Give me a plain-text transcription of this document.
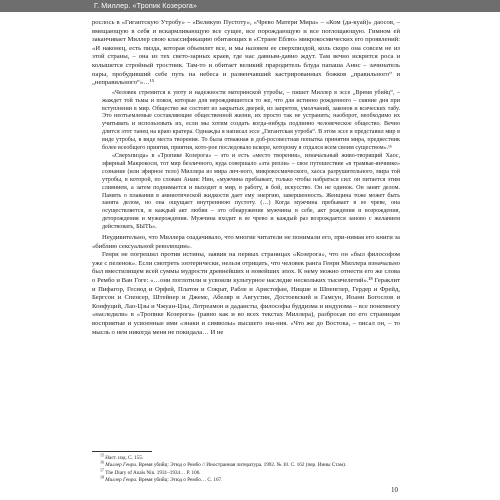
Г. Миллер. «Тропик Козерога»

рослось в «Гигантскую Утробу» – «Великую Пустоту», «Чрево Матери Мира» – «Ком (да-куай)» даосов, – вмещающую в себя и вскармливающую все сущее, все порождающую и все поглощающую. Гимном ей заканчивает Миллер свою классификацию обитающих в «Стране Еблю» микрокосмических его проявлений: «И наконец, есть пизда, которая объемлет все, и мы назовем ее сверхпиздой, коль скоро она совсем не из этой страны, – она из тех свето-зарных краев, где нас давным-давно ждут. Там вечно искрится роса и колышется стройный тростник. Там-то и обитает великий прародитель блуда папаша Аннс – зачинатель пары, пробудивший себе путь на небеса и развенчавший кастрированных божков „правильного“ и „неправильного“»…¹⁵

«Человек стремится к уюту и надежности материнской утробы, – пишет Миллер в эссе „Время убийц“, – жаждет той тьмы и покоя, которые для нерождившегося то же, что для истинно рожденного – сияние дня при вступлении в мир. Общество же состоит из закрытых дверей, из запретов, умолчаний, законов и всяческих табу. Это неотъемлемые составляющие общественной жизни, их просто так не устранить; наоборот, необходимо их учитывать и использовать их, если мы хотим создать когда-нибудь подлинно человеческое общество. Вечно длится этот танец на краю кратера. Однажды я написал эссе „Гигантская утроба“. В этом эссе я представил мир в виде утробы, в виде места творения. То была отважная и доб-росовестная попытка принятия мира, предвестник более всеобщего приятия, приятия, кото-рое последовало вскоре, которому я отдался всем своим существом».¹⁶

«Сверхпизда» в «Тропике Козерога» – это и есть «место творения», изначальный живо-творящий Хаос, эфирный Макрокосм, тот мир безличного, куда совершало «эта репли» – свое путешествие «в трамвае-янчнике» сознание (или эфирное тело) Миллера из мира лич-ного, микрокосмического, хаоса разрушительного, мира той утробы, в которой, по словам Анаис Нин, «мужчина пребывает, только чтобы набраться сил: он питается этим слиянием, а затем поднимается и выходит в мир, в работу, в бой, искусство. Он не одинок. Он занят делом. Память о плавании в амниотической жидкости дает ему энергию, завершенность. Женщина тоже может быть занята делом, но она ощущает внутреннюю пустоту. (…) Когда мужчина пребывает в ее чреве, она осуществляется, и каждый акт любви – это обнаружение мужчины в себе, акт рождения и возрождения, деторождения и мужерождения. Мужчина входит в ее чрево и каждый раз возрождается заново с желанием действовать, БЫТЬ».

Неудивительно, что Миллера озадачивало, что многие читатели не понимали его, при-нимая его книги за «библию сексуальной революции».

Генри не погрешил против истины, заявив на первых страницах «Козерога», что он «был философом уже с пеленок». Если смотреть эзотерически, нельзя отрицать, что человек ранга Генри Миллера изначально был вместилищем всей суммы мудрости древнейших и новейших эпох. К нему можно отнести его же слова о Рембо и Ван Гоге: «…они поглотили и усвоили культурное наследие нескольких тысячелетий».¹⁸ Гераклит и Пифагор, Гесиод и Орфей, Платон и Сократ, Рабле и Аристофан, Ницше и Шпенглер, Гердер и Фрейд, Бергсон и Спенсер, Штейнер и Джемс, Абеляр и Августин, Достоевский и Гамсун, Иоанн Богослов и Конфуций, Лао-Цзы и Чжуан-Цзы, Лотреамон и дадаисты, философы буддизма и индуизма – все понемногу «наследили» в «Тропике Козерога» (равно как и во всех текстах Миллера), разбросав по его страницам восприятые и усвоенные ими «знаки и символы» высшего зна-ния. «Что же до Востока, – писал он, – то мысль о нем никогда меня не покидала… И не

$^{15}$ Наст. изд. С. 155.
$^{16}$ Миллер Генри. Время убийц: Этюд о Рембо // Иностранная литература. 1992. № 10. С. 162 (пер. Инны Стам).
$^{17}$ The Diary of Anaïs Nin. 1931–1934… P. 106.
$^{18}$ Миллер Генри. Время убийц: Этюд о Рембо… С. 167.
10
